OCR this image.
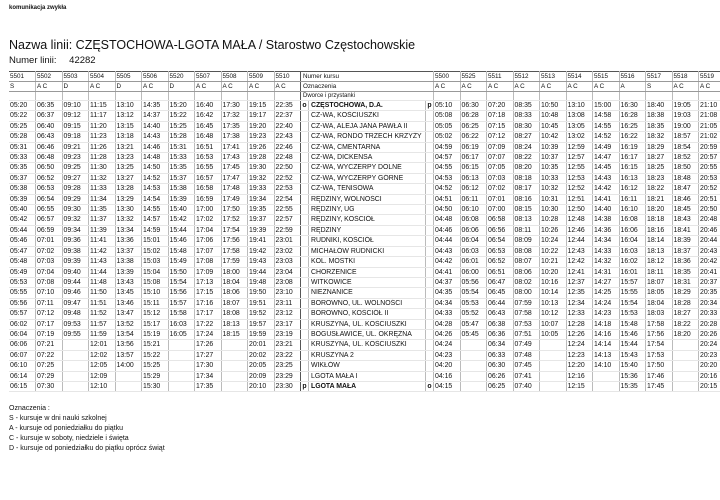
komunikacja zwykła
Nazwa linii: CZĘSTOCHOWA-LGOTA MAŁA / Starostwo Częstochowskie
Numer linii: 42282
5501	5502	5503	5504	5505	5506	5520	5507	5508	5509	5510	Numer kursu			5500	5525	5511	5512	5513	5514	5515	5516	5517	5518	5519
S	A C	D	A C	D	A C	D	A C	A C	A C	A C	Oznaczenia			A C	A C	A C	A C	A C	A C	A C	A	S	A C	A C
											Dworce i przystanki													
05:20	06:35	09:10	11:15	13:10	14:35	15:20	16:40	17:30	19:15	22:35	o	CZĘSTOCHOWA, D.A.	p	05:10	06:30	07:20	08:35	10:50	13:10	15:00	16:30	18:40	19:05	21:10
05:22	06:37	09:12	11:17	13:12	14:37	15:22	16:42	17:32	19:17	22:37		CZ-WA, KOŚCIUSZKI		05:08	06:28	07:18	08:33	10:48	13:08	14:58	16:28	18:38	19:03	21:08
05:25	06:40	09:15	11:20	13:15	14:40	15:25	16:45	17:35	19:20	22:40		CZ-WA, ALEJA JANA PAWŁA II		05:05	06:25	07:15	08:30	10:45	13:05	14:55	16:25	18:35	19:00	21:05
05:28	06:43	09:18	11:23	13:18	14:43	15:28	16:48	17:38	19:23	22:43		CZ-WA, RONDO TRZECH KRZYŻY		05:02	06:22	07:12	08:27	10:42	13:02	14:52	16:22	18:32	18:57	21:02
05:31	06:46	09:21	11:26	13:21	14:46	15:31	16:51	17:41	19:26	22:46		CZ-WA, CMENTARNA		04:59	06:19	07:09	08:24	10:39	12:59	14:49	16:19	18:29	18:54	20:59
05:33	06:48	09:23	11:28	13:23	14:48	15:33	16:53	17:43	19:28	22:48		CZ-WA, DICKENSA		04:57	06:17	07:07	08:22	10:37	12:57	14:47	16:17	18:27	18:52	20:57
05:35	06:50	09:25	11:30	13:25	14:50	15:35	16:55	17:45	19:30	22:50		CZ-WA, WYCZERPY DOLNE		04:55	06:15	07:05	08:20	10:35	12:55	14:45	16:15	18:25	18:50	20:55
05:37	06:52	09:27	11:32	13:27	14:52	15:37	16:57	17:47	19:32	22:52		CZ-WA, WYCZERPY GÓRNE		04:53	06:13	07:03	08:18	10:33	12:53	14:43	16:13	18:23	18:48	20:53
05:38	06:53	09:28	11:33	13:28	14:53	15:38	16:58	17:48	19:33	22:53		CZ-WA, TENISOWA		04:52	06:12	07:02	08:17	10:32	12:52	14:42	16:12	18:22	18:47	20:52
05:39	06:54	09:29	11:34	13:29	14:54	15:39	16:59	17:49	19:34	22:54		RĘDZINY, WOLNOŚCI		04:51	06:11	07:01	08:16	10:31	12:51	14:41	16:11	18:21	18:46	20:51
05:40	06:55	09:30	11:35	13:30	14:55	15:40	17:00	17:50	19:35	22:55		RĘDZINY, UG		04:50	06:10	07:00	08:15	10:30	12:50	14:40	16:10	18:20	18:45	20:50
05:42	06:57	09:32	11:37	13:32	14:57	15:42	17:02	17:52	19:37	22:57		RĘDZINY, KOŚCIÓŁ		04:48	06:08	06:58	08:13	10:28	12:48	14:38	16:08	18:18	18:43	20:48
05:44	06:59	09:34	11:39	13:34	14:59	15:44	17:04	17:54	19:39	22:59		RĘDZINY		04:46	06:06	06:56	08:11	10:26	12:46	14:36	16:06	18:16	18:41	20:46
05:46	07:01	09:36	11:41	13:36	15:01	15:46	17:06	17:56	19:41	23:01		RUDNIKI, KOŚCIÓŁ		04:44	06:04	06:54	08:09	10:24	12:44	14:34	16:04	18:14	18:39	20:44
05:47	07:02	09:38	11:42	13:37	15:02	15:48	17:07	17:58	19:42	23:02		MICHAŁÓW RUDNICKI		04:43	06:03	06:53	08:08	10:22	12:43	14:33	16:03	18:13	18:37	20:43
05:48	07:03	09:39	11:43	13:38	15:03	15:49	17:08	17:59	19:43	23:03		KOL. MOSTKI		04:42	06:01	06:52	08:07	10:21	12:42	14:32	16:02	18:12	18:36	20:42
05:49	07:04	09:40	11:44	13:39	15:04	15:50	17:09	18:00	19:44	23:04		CHORZENICE		04:41	06:00	06:51	08:06	10:20	12:41	14:31	16:01	18:11	18:35	20:41
05:53	07:08	09:44	11:48	13:43	15:08	15:54	17:13	18:04	19:48	23:08		WITKOWICE		04:37	05:56	06:47	08:02	10:16	12:37	14:27	15:57	18:07	18:31	20:37
05:55	07:10	09:46	11:50	13:45	15:10	15:56	17:15	18:06	19:50	23:10		NIEZNANICE		04:35	05:54	06:45	08:00	10:14	12:35	14:25	15:55	18:05	18:29	20:35
05:56	07:11	09:47	11:51	13:46	15:11	15:57	17:16	18:07	19:51	23:11		BOROWNO, UL. WOLNOŚCI		04:34	05:53	06:44	07:59	10:13	12:34	14:24	15:54	18:04	18:28	20:34
05:57	07:12	09:48	11:52	13:47	15:12	15:58	17:17	18:08	19:52	23:12		BOROWNO, KOŚCIÓŁ II		04:33	05:52	06:43	07:58	10:12	12:33	14:23	15:53	18:03	18:27	20:33
06:02	07:17	09:53	11:57	13:52	15:17	16:03	17:22	18:13	19:57	23:17		KRUSZYNA, UL. KOŚCIUSZKI		04:28	05:47	06:38	07:53	10:07	12:28	14:18	15:48	17:58	18:22	20:28
06:04	07:19	09:55	11:59	13:54	15:19	16:05	17:24	18:15	19:59	23:19		BOGUSŁAWICE, UL. OKRĘŻNA		04:26	05:45	06:36	07:51	10:05	12:26	14:16	15:46	17:56	18:20	20:26
06:06	07:21		12:01	13:56	15:21		17:26		20:01	23:21		KRUSZYNA, UL. KOŚCIUSZKI		04:24		06:34	07:49		12:24	14:14	15:44	17:54		20:24
06:07	07:22		12:02	13:57	15:22		17:27		20:02	23:22		KRUSZYNA 2		04:23		06:33	07:48		12:23	14:13	15:43	17:53		20:23
06:10	07:25		12:05	14:00	15:25		17:30		20:05	23:25		WIKŁÓW		04:20		06:30	07:45		12:20	14:10	15:40	17:50		20:20
06:14	07:29		12:09		15:29		17:34		20:09	23:29		LGOTA MAŁA I		04:16		06:26	07:41		12:16		15:36	17:46		20:16
06:15	07:30		12:10		15:30		17:35		20:10	23:30	p	LGOTA MAŁA	o	04:15		06:25	07:40		12:15		15:35	17:45		20:15
Oznaczenia :
S - kursuje w dni nauki szkolnej
A - kursuje od poniedziałku do piątku
C - kursuje w soboty, niedziele i święta
D - kursuje od poniedziałku do piątku oprócz świąt
